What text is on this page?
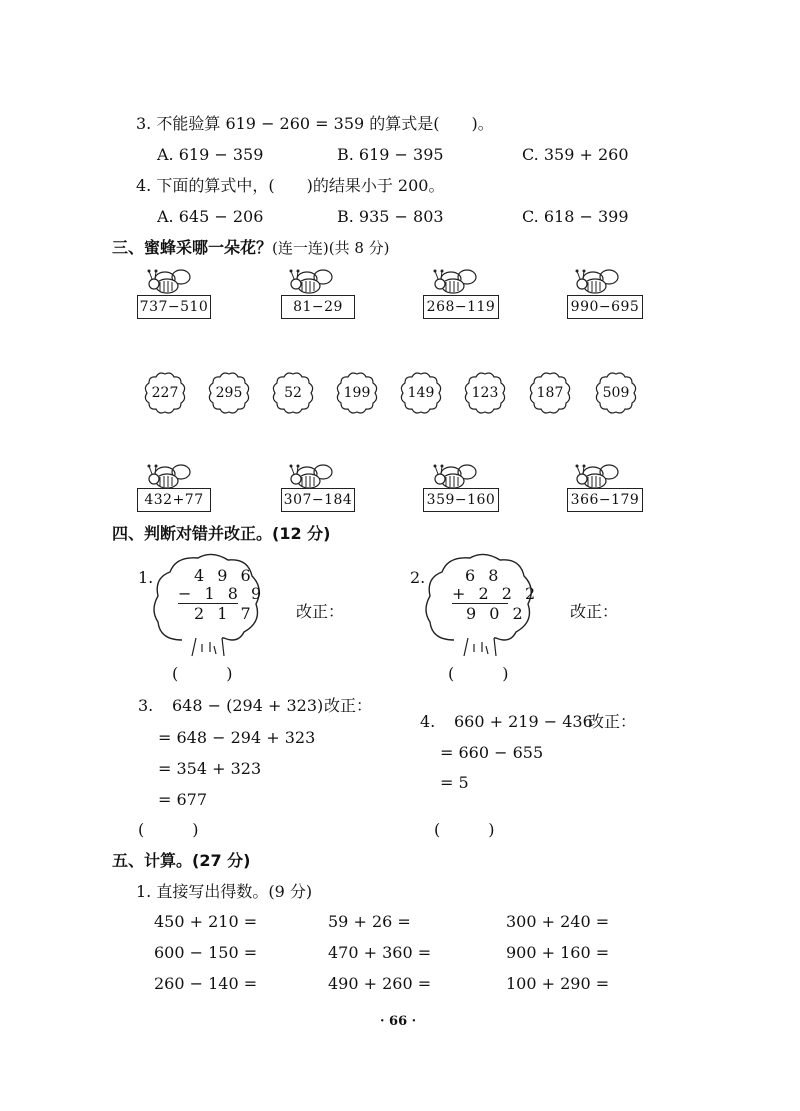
3. 不能验算 619 − 260 = 359 的算式是(　　)。
A. 619 − 359	B. 619 − 395	C. 359 + 260
4. 下面的算式中，(　　)的结果小于 200。
A. 645 − 206	B. 935 − 803	C. 618 − 399
三、蜜蜂采哪一朵花？(连一连)(共 8 分)
737−510	81−29	268−119	990−695
227	295	52	199	149	123	187	509
432+77	307−184	359−160	366−179
四、判断对错并改正。(12 分)
1.	4 9 6
− 1 8 9
2 1 7	改正：
(　　　)
2. 6 8
+ 2 2 2
9 0 2	改正：
(　　　)
3. 648 − (294 + 323) 改正：
= 648 − 294 + 323
= 354 + 323
= 677
(　　　)
4. 660 + 219 − 436
改正：
= 660 − 655
= 5
(　　　)
五、计算。(27 分)
1. 直接写出得数。(9 分)
450 + 210 =	59 + 26 =	300 + 240 =
600 − 150 =	470 + 360 =	900 + 160 =
260 − 140 =	490 + 260 =	100 + 290 =
· 66 ·
